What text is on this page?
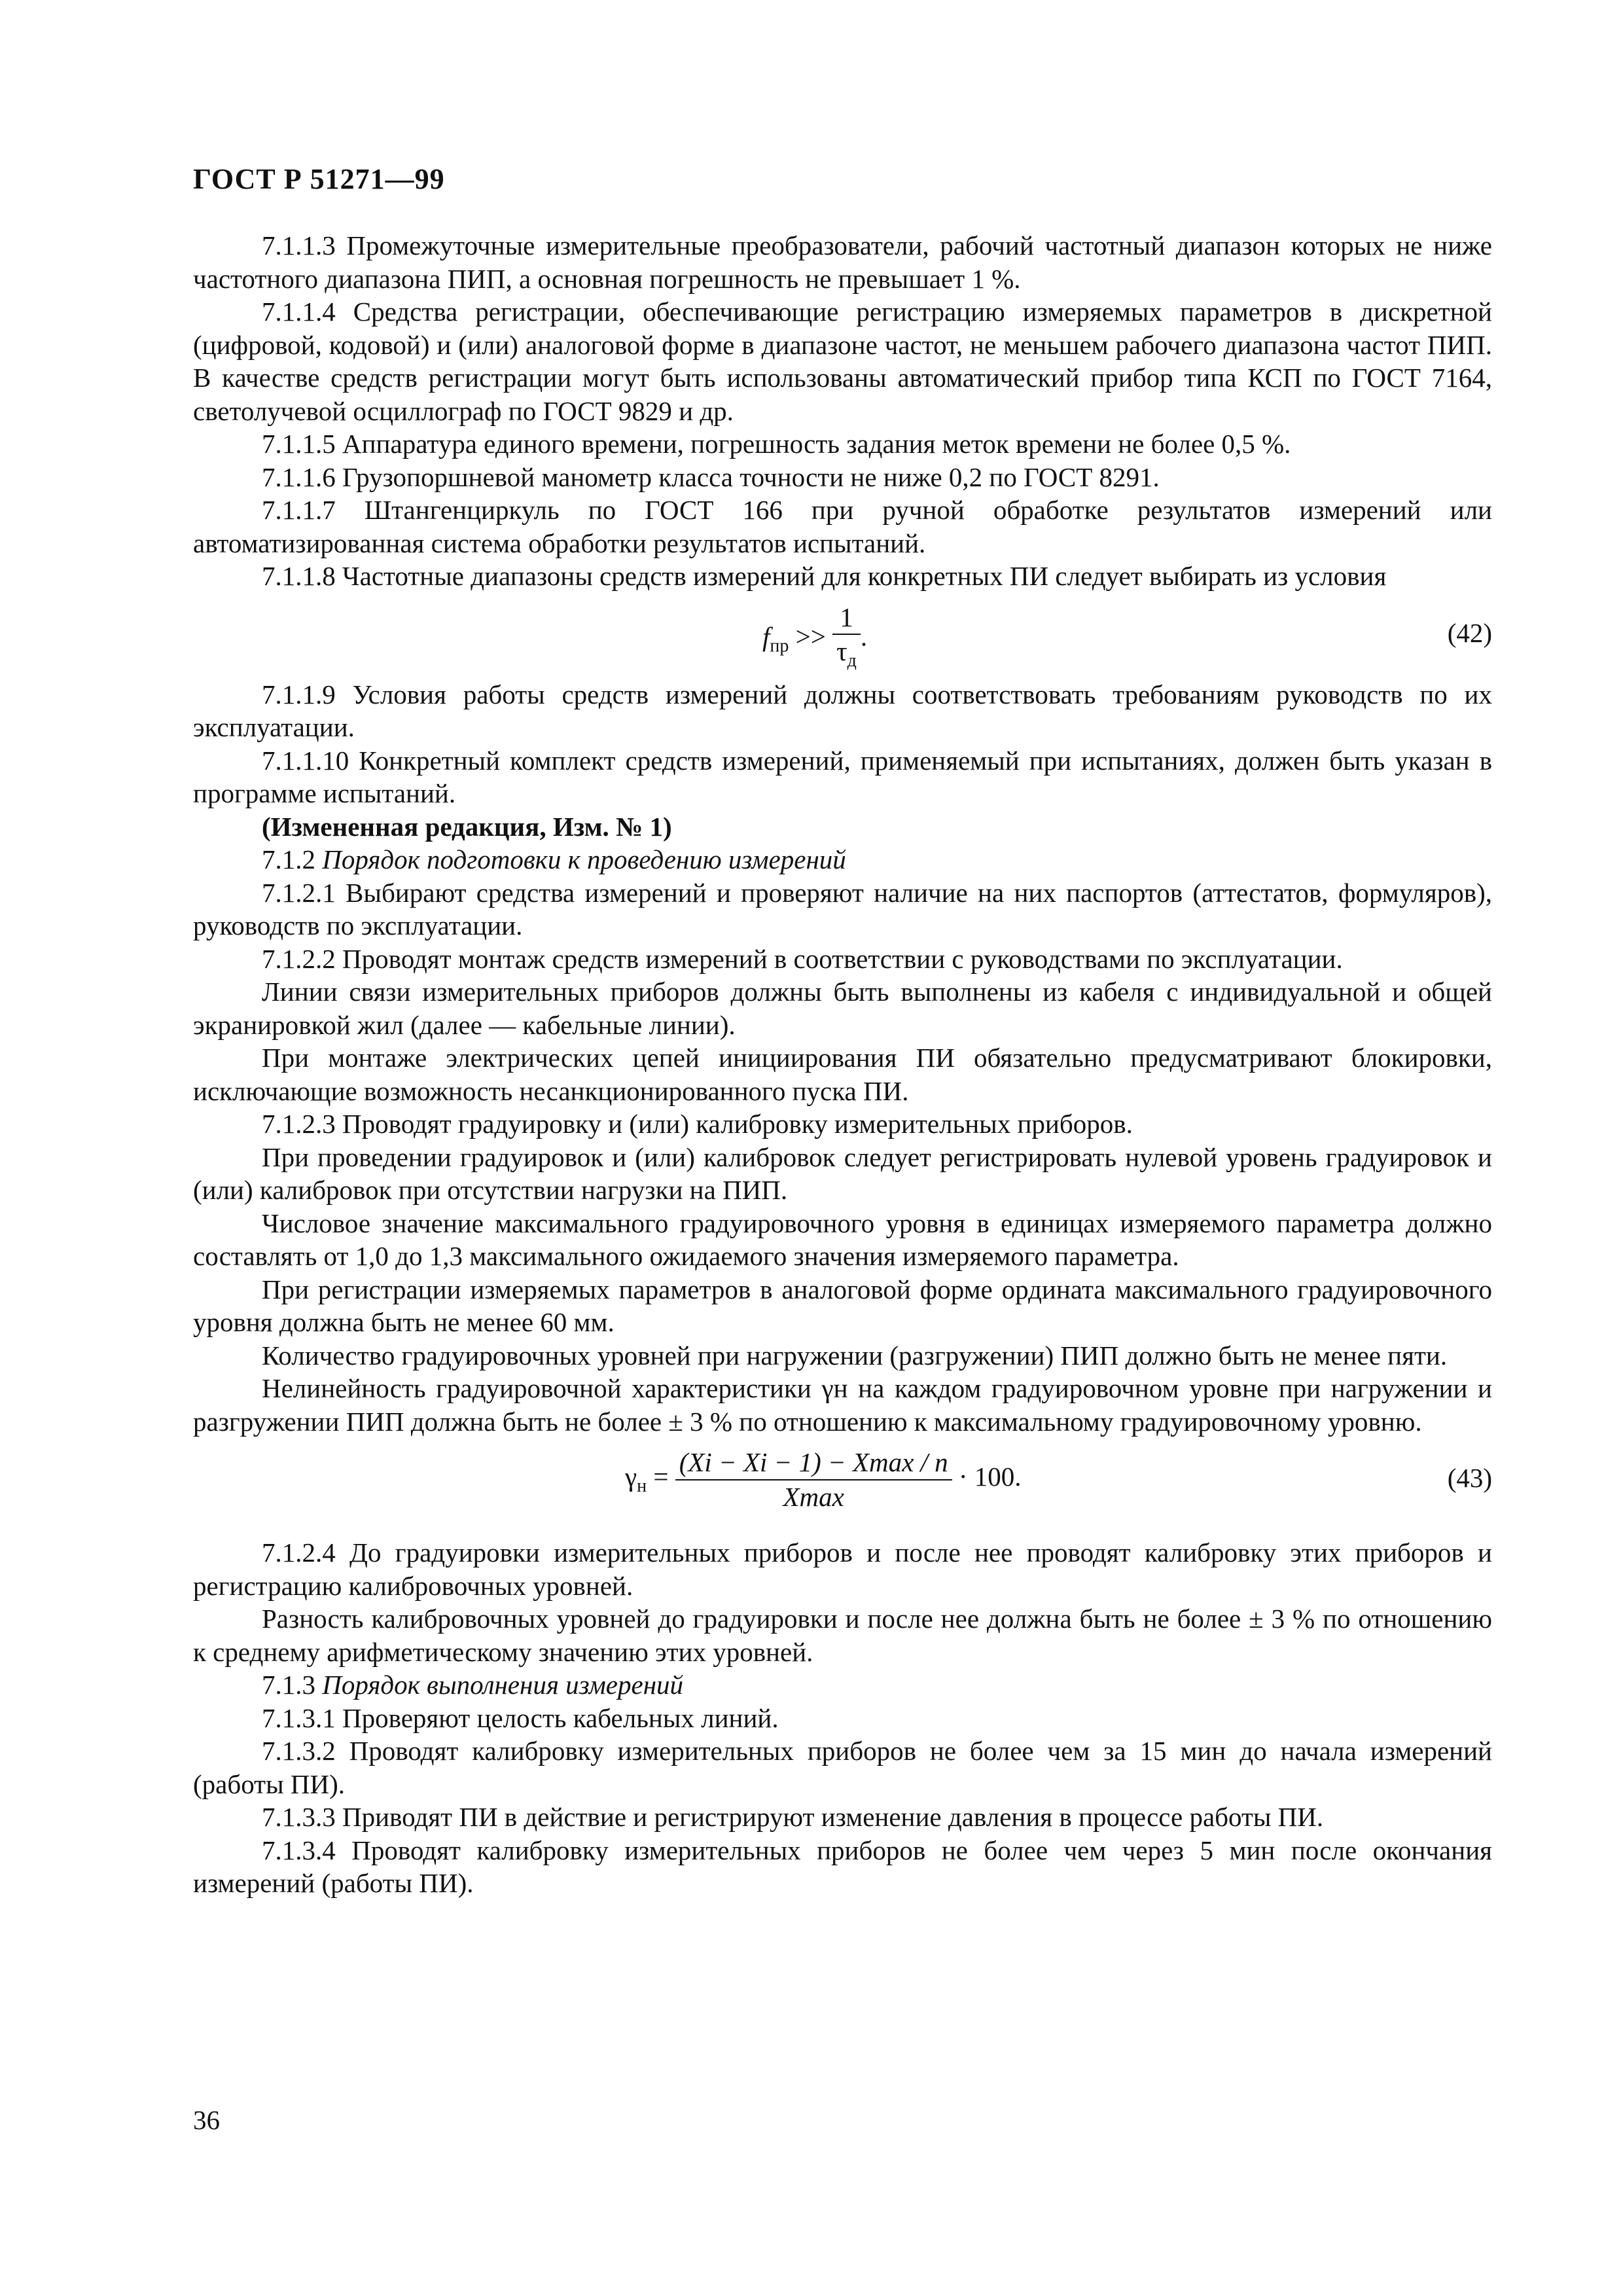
ГОСТ Р 51271—99

7.1.1.3 Промежуточные измерительные преобразователи, рабочий частотный диапазон которых не ниже частотного диапазона ПИП, а основная погрешность не превышает 1 %.

7.1.1.4 Средства регистрации, обеспечивающие регистрацию измеряемых параметров в дискретной (цифровой, кодовой) и (или) аналоговой форме в диапазоне частот, не меньшем рабочего диапазона частот ПИП. В качестве средств регистрации могут быть использованы автоматический прибор типа КСП по ГОСТ 7164, светолучевой осциллограф по ГОСТ 9829 и др.

7.1.1.5 Аппаратура единого времени, погрешность задания меток времени не более 0,5 %.

7.1.1.6 Грузопоршневой манометр класса точности не ниже 0,2 по ГОСТ 8291.

7.1.1.7 Штангенциркуль по ГОСТ 166 при ручной обработке результатов измерений или автоматизированная система обработки результатов испытаний.

7.1.1.8 Частотные диапазоны средств измерений для конкретных ПИ следует выбирать из условия

$f_{пр} >> \frac{1}{\tau_д}$ .	(42)

7.1.1.9 Условия работы средств измерений должны соответствовать требованиям руководств по их эксплуатации.

7.1.1.10 Конкретный комплект средств измерений, применяемый при испытаниях, должен быть указан в программе испытаний.

(Измененная редакция, Изм. № 1)

7.1.2 Порядок подготовки к проведению измерений

7.1.2.1 Выбирают средства измерений и проверяют наличие на них паспортов (аттестатов, формуляров), руководств по эксплуатации.

7.1.2.2 Проводят монтаж средств измерений в соответствии с руководствами по эксплуатации.

Линии связи измерительных приборов должны быть выполнены из кабеля с индивидуальной и общей экранировкой жил (далее — кабельные линии).

При монтаже электрических цепей инициирования ПИ обязательно предусматривают блокировки, исключающие возможность несанкционированного пуска ПИ.

7.1.2.3 Проводят градуировку и (или) калибровку измерительных приборов.

При проведении градуировок и (или) калибровок следует регистрировать нулевой уровень градуировок и (или) калибровок при отсутствии нагрузки на ПИП.

Числовое значение максимального градуировочного уровня в единицах измеряемого параметра должно составлять от 1,0 до 1,3 максимального ожидаемого значения измеряемого параметра.

При регистрации измеряемых параметров в аналоговой форме ордината максимального градуировочного уровня должна быть не менее 60 мм.

Количество градуировочных уровней при нагружении (разгружении) ПИП должно быть не менее пяти.

Нелинейность градуировочной характеристики γн на каждом градуировочном уровне при нагружении и разгружении ПИП должна быть не более ± 3 % по отношению к максимальному градуировочному уровню.

$\gamma_н = \frac{(Xi - Xi - 1) - Xmax / n}{Xmax} \cdot 100$.	(43)

7.1.2.4 До градуировки измерительных приборов и после нее проводят калибровку этих приборов и регистрацию калибровочных уровней.

Разность калибровочных уровней до градуировки и после нее должна быть не более ± 3 % по отношению к среднему арифметическому значению этих уровней.

7.1.3 Порядок выполнения измерений

7.1.3.1 Проверяют целость кабельных линий.

7.1.3.2 Проводят калибровку измерительных приборов не более чем за 15 мин до начала измерений (работы ПИ).

7.1.3.3 Приводят ПИ в действие и регистрируют изменение давления в процессе работы ПИ.

7.1.3.4 Проводят калибровку измерительных приборов не более чем через 5 мин после окончания измерений (работы ПИ).

36
